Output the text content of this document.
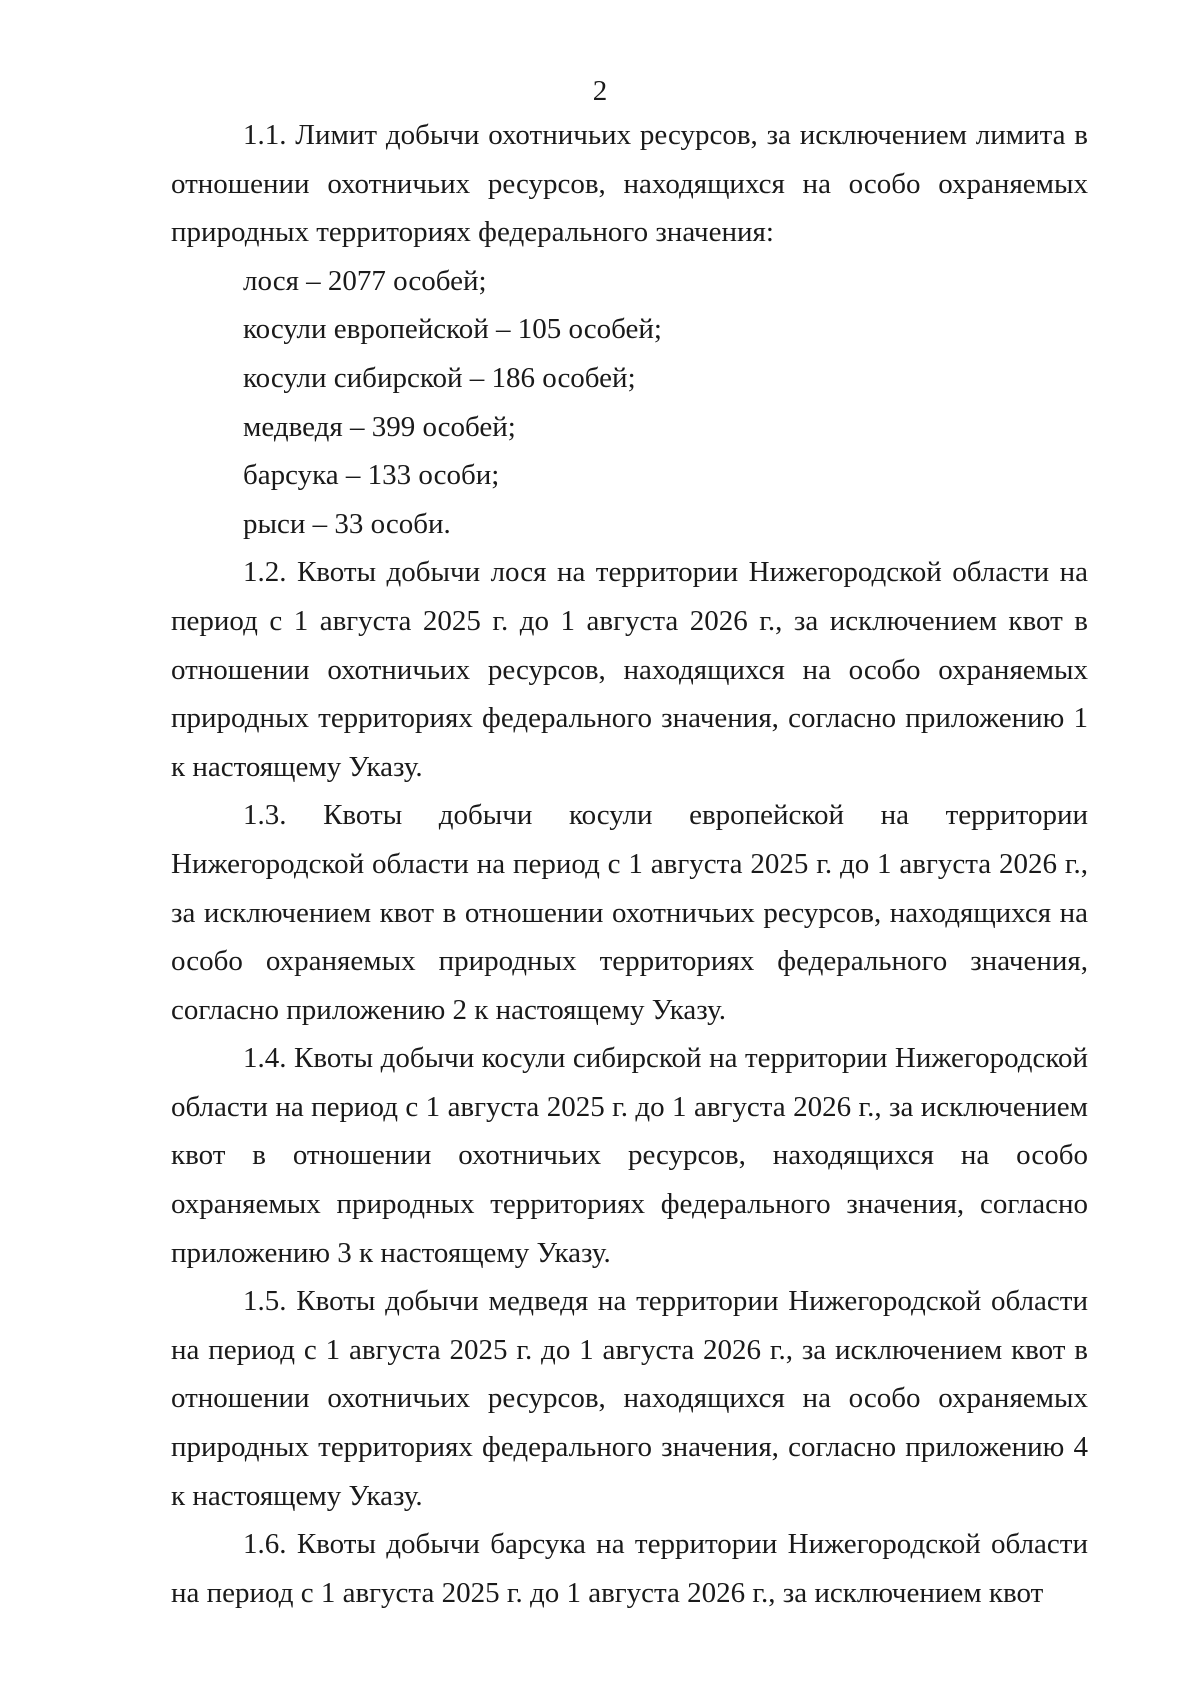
2

1.1. Лимит добычи охотничьих ресурсов, за исключением лимита в отношении охотничьих ресурсов, находящихся на особо охраняемых природных территориях федерального значения:

лося – 2077 особей;

косули европейской – 105 особей;

косули сибирской – 186 особей;

медведя – 399 особей;

барсука – 133 особи;

рыси – 33 особи.

1.2. Квоты добычи лося на территории Нижегородской области на период с 1 августа 2025 г. до 1 августа 2026 г., за исключением квот в отношении охотничьих ресурсов, находящихся на особо охраняемых природных территориях федерального значения, согласно приложению 1 к настоящему Указу.

1.3. Квоты добычи косули европейской на территории Нижегородской области на период с 1 августа 2025 г. до 1 августа 2026 г., за исключением квот в отношении охотничьих ресурсов, находящихся на особо охраняемых природных территориях федерального значения, согласно приложению 2 к настоящему Указу.

1.4. Квоты добычи косули сибирской на территории Нижегородской области на период с 1 августа 2025 г. до 1 августа 2026 г., за исключением квот в отношении охотничьих ресурсов, находящихся на особо охраняемых природных территориях федерального значения, согласно приложению 3 к настоящему Указу.

1.5. Квоты добычи медведя на территории Нижегородской области на период с 1 августа 2025 г. до 1 августа 2026 г., за исключением квот в отношении охотничьих ресурсов, находящихся на особо охраняемых природных территориях федерального значения, согласно приложению 4 к настоящему Указу.

1.6. Квоты добычи барсука на территории Нижегородской области на период с 1 августа 2025 г. до 1 августа 2026 г., за исключением квот
